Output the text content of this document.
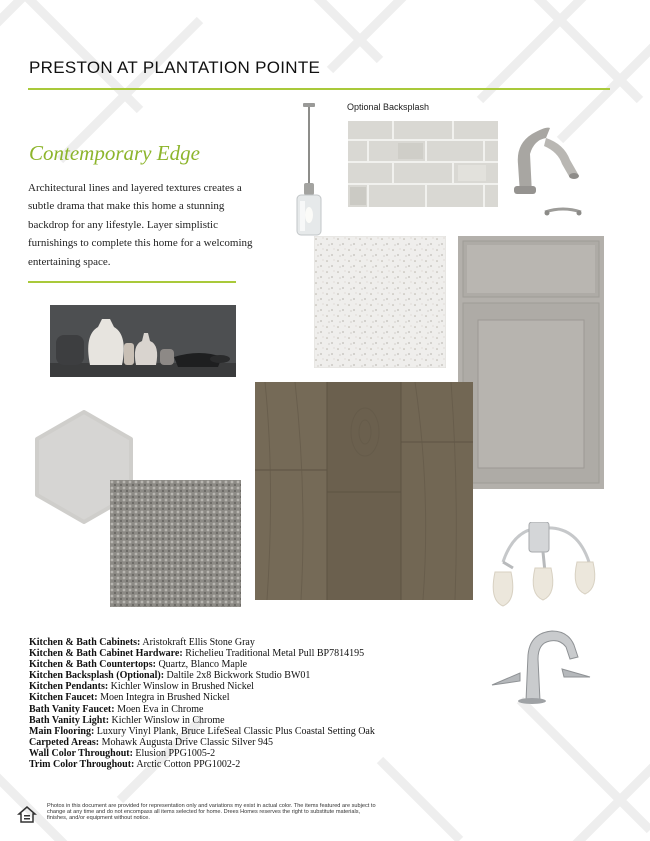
PRESTON AT PLANTATION POINTE
Contemporary Edge
Architectural lines and layered textures creates a subtle drama that make this home a stunning backdrop for any lifestyle. Layer simplistic furnishings to complete this home for a welcoming entertaining space.
Optional Backsplash
Kitchen & Bath Cabinets: Aristokraft Ellis Stone Gray
Kitchen & Bath Cabinet Hardware: Richelieu Traditional Metal Pull BP7814195
Kitchen & Bath Countertops: Quartz, Blanco Maple
Kitchen Backsplash (Optional): Daltile 2x8 Bickwork Studio BW01
Kitchen Pendants: Kichler Winslow in Brushed Nickel
Kitchen Faucet: Moen Integra in Brushed Nickel
Bath Vanity Faucet: Moen Eva in Chrome
Bath Vanity Light: Kichler Winslow in Chrome
Main Flooring: Luxury Vinyl Plank, Bruce LifeSeal Classic Plus Coastal Setting Oak
Carpeted Areas: Mohawk Augusta Drive Classic Silver 945
Wall Color Throughout: Elusion PPG1005-2
Trim Color Throughout: Arctic Cotton PPG1002-2
Photos in this document are provided for representation only and variations my exist in actual color. The items featured are subject to change at any time and do not encompass all items selected for home. Drees Homes reserves the right to substitute materials, finishes, and/or equipment without notice.
